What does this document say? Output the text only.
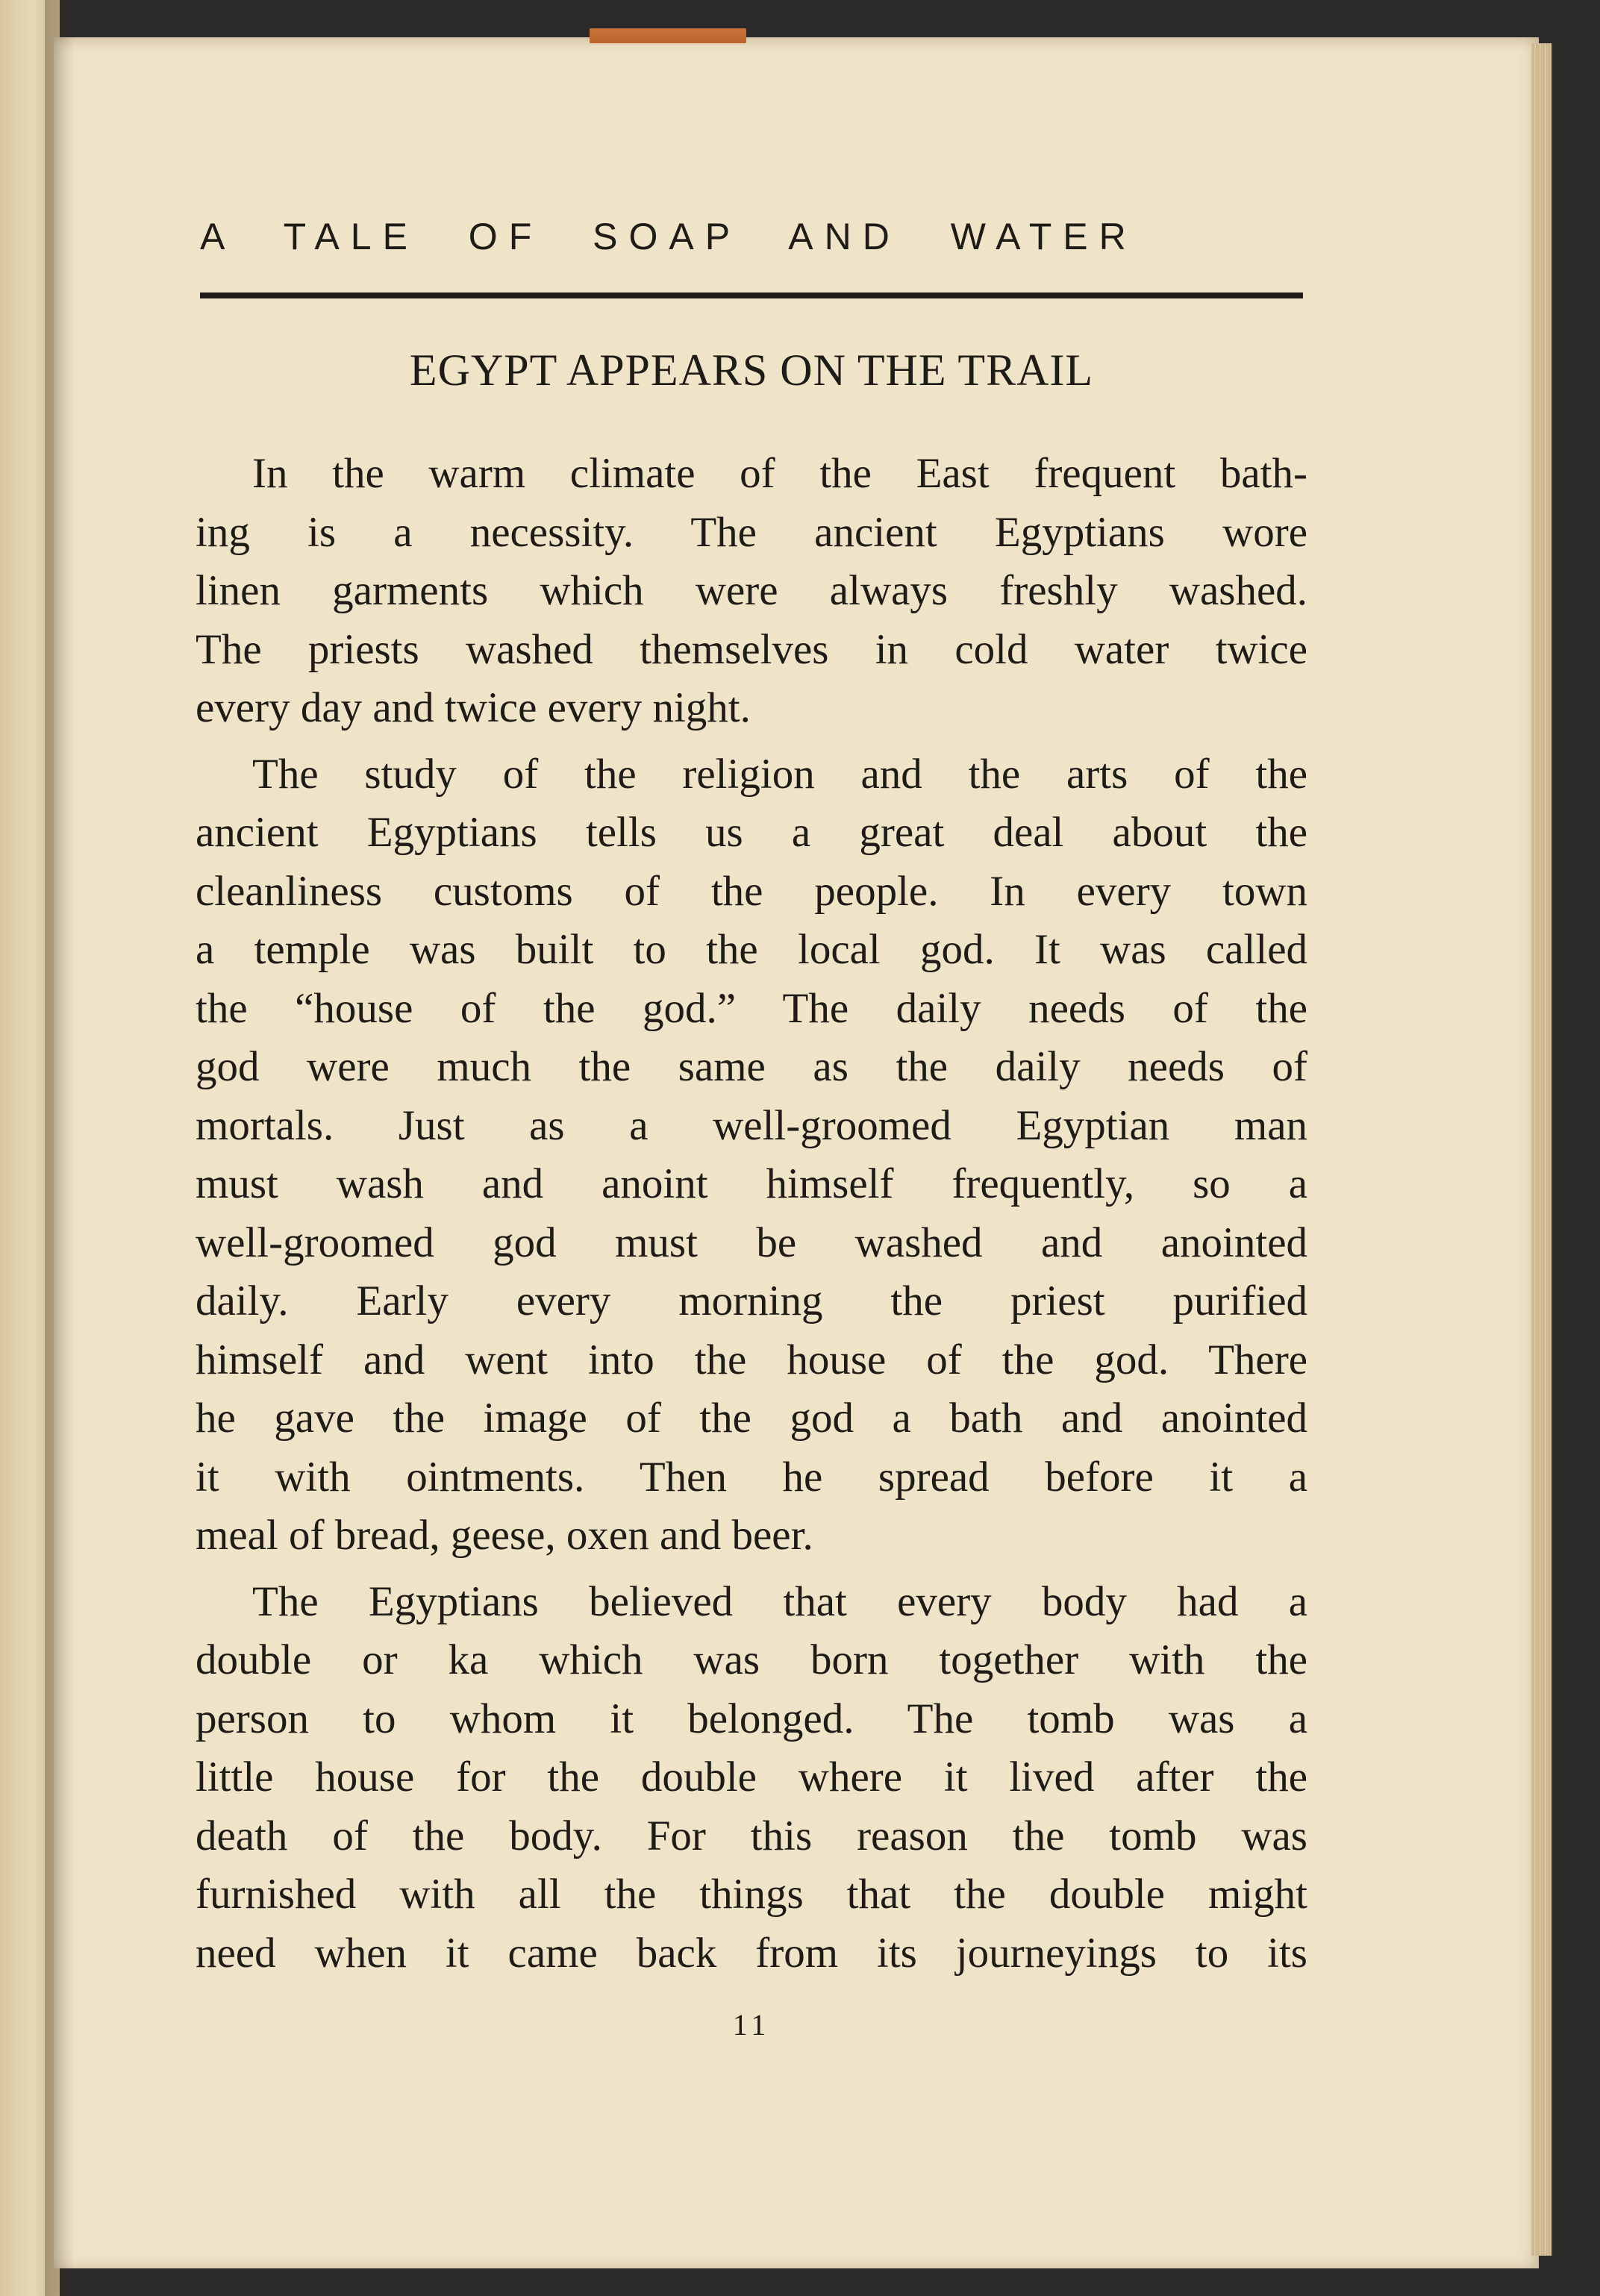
A TALE OF SOAP AND WATER
EGYPT APPEARS ON THE TRAIL

In the warm climate of the East frequent bath-
ing is a necessity. The ancient Egyptians wore
linen garments which were always freshly washed.
The priests washed themselves in cold water twice
every day and twice every night.

The study of the religion and the arts of the
ancient Egyptians tells us a great deal about the
cleanliness customs of the people. In every town
a temple was built to the local god. It was called
the “house of the god.” The daily needs of the
god were much the same as the daily needs of
mortals. Just as a well-groomed Egyptian man
must wash and anoint himself frequently, so a
well-groomed god must be washed and anointed
daily. Early every morning the priest purified
himself and went into the house of the god. There
he gave the image of the god a bath and anointed
it with ointments. Then he spread before it a
meal of bread, geese, oxen and beer.

The Egyptians believed that every body had a
double or ka which was born together with the
person to whom it belonged. The tomb was a
little house for the double where it lived after the
death of the body. For this reason the tomb was
furnished with all the things that the double might
need when it came back from its journeyings to its

11
